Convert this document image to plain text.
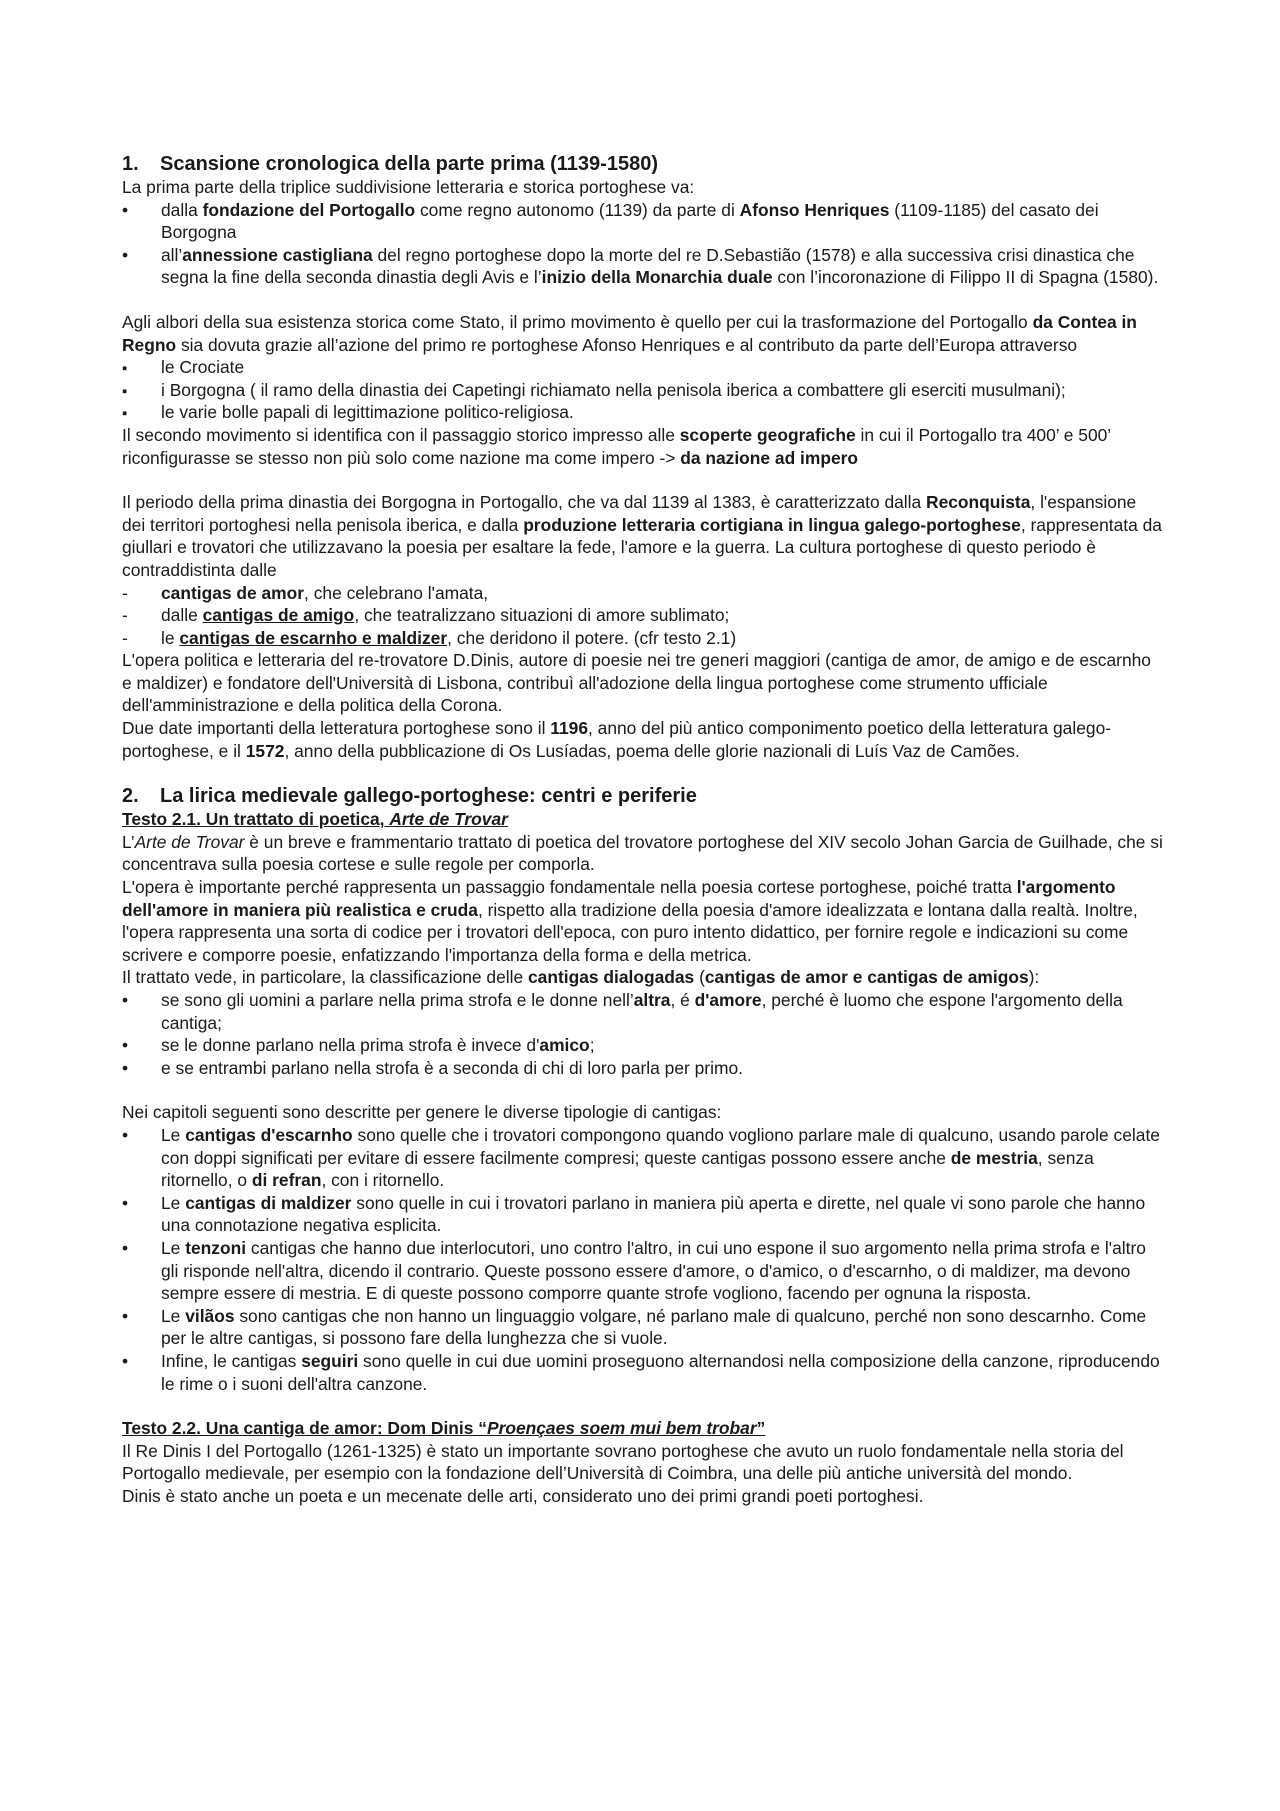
1. Scansione cronologica della parte prima (1139-1580)

La prima parte della triplice suddivisione letteraria e storica portoghese va:

•
dalla fondazione del Portogallo come regno autonomo (1139) da parte di Afonso Henriques (1109-1185) del casato dei Borgogna
•
all’annessione castigliana del regno portoghese dopo la morte del re D.Sebastião (1578) e alla successiva crisi dinastica che segna la fine della seconda dinastia degli Avis e l’inizio della Monarchia duale con l’incoronazione di Filippo II di Spagna (1580).

Agli albori della sua esistenza storica come Stato, il primo movimento è quello per cui la trasformazione del Portogallo da Contea in Regno sia dovuta grazie all’azione del primo re portoghese Afonso Henriques e al contributo da parte dell’Europa attraverso

▪
le Crociate
▪
i Borgogna ( il ramo della dinastia dei Capetingi richiamato nella penisola iberica a combattere gli eserciti musulmani);
▪
le varie bolle papali di legittimazione politico-religiosa.

Il secondo movimento si identifica con il passaggio storico impresso alle scoperte geografiche in cui il Portogallo tra 400’ e 500’ riconfigurasse se stesso non più solo come nazione ma come impero -> da nazione ad impero

Il periodo della prima dinastia dei Borgogna in Portogallo, che va dal 1139 al 1383, è caratterizzato dalla Reconquista, l'espansione dei territori portoghesi nella penisola iberica, e dalla produzione letteraria cortigiana in lingua galego-portoghese, rappresentata da giullari e trovatori che utilizzavano la poesia per esaltare la fede, l'amore e la guerra. La cultura portoghese di questo periodo è contraddistinta dalle

-
cantigas de amor, che celebrano l'amata,
-
dalle cantigas de amigo, che teatralizzano situazioni di amore sublimato;
-
le cantigas de escarnho e maldizer, che deridono il potere. (cfr testo 2.1)

L'opera politica e letteraria del re-trovatore D.Dinis, autore di poesie nei tre generi maggiori (cantiga de amor, de amigo e de escarnho e maldizer) e fondatore dell'Università di Lisbona, contribuì all'adozione della lingua portoghese come strumento ufficiale dell'amministrazione e della politica della Corona.

Due date importanti della letteratura portoghese sono il 1196, anno del più antico componimento poetico della letteratura galego-portoghese, e il 1572, anno della pubblicazione di Os Lusíadas, poema delle glorie nazionali di Luís Vaz de Camões.

2. La lirica medievale gallego-portoghese: centri e periferie
Testo 2.1. Un trattato di poetica, Arte de Trovar

L’Arte de Trovar è un breve e frammentario trattato di poetica del trovatore portoghese del XIV secolo Johan Garcia de Guilhade, che si concentrava sulla poesia cortese e sulle regole per comporla.

L'opera è importante perché rappresenta un passaggio fondamentale nella poesia cortese portoghese, poiché tratta l'argomento dell'amore in maniera più realistica e cruda, rispetto alla tradizione della poesia d'amore idealizzata e lontana dalla realtà. Inoltre, l'opera rappresenta una sorta di codice per i trovatori dell'epoca, con puro intento didattico, per fornire regole e indicazioni su come scrivere e comporre poesie, enfatizzando l'importanza della forma e della metrica.

Il trattato vede, in particolare, la classificazione delle cantigas dialogadas (cantigas de amor e cantigas de amigos):

•
se sono gli uomini a parlare nella prima strofa e le donne nell’altra, é d'amore, perché è luomo che espone l'argomento della cantiga;
•
se le donne parlano nella prima strofa è invece d'amico;
•
e se entrambi parlano nella strofa è a seconda di chi di loro parla per primo.

Nei capitoli seguenti sono descritte per genere le diverse tipologie di cantigas:

•
Le cantigas d'escarnho sono quelle che i trovatori compongono quando vogliono parlare male di qualcuno, usando parole celate con doppi significati per evitare di essere facilmente compresi; queste cantigas possono essere anche de mestria, senza ritornello, o di refran, con i ritornello.
•
Le cantigas di maldizer sono quelle in cui i trovatori parlano in maniera più aperta e dirette, nel quale vi sono parole che hanno una connotazione negativa esplicita.
•
Le tenzoni cantigas che hanno due interlocutori, uno contro l'altro, in cui uno espone il suo argomento nella prima strofa e l'altro gli risponde nell'altra, dicendo il contrario. Queste possono essere d'amore, o d'amico, o d'escarnho, o di maldizer, ma devono sempre essere di mestria. E di queste possono comporre quante strofe vogliono, facendo per ognuna la risposta.
•
Le vilãos sono cantigas che non hanno un linguaggio volgare, né parlano male di qualcuno, perché non sono descarnho. Come per le altre cantigas, si possono fare della lunghezza che si vuole.
•
Infine, le cantigas seguiri sono quelle in cui due uomini proseguono alternandosi nella composizione della canzone, riproducendo le rime o i suoni dell'altra canzone.
Testo 2.2. Una cantiga de amor: Dom Dinis “Proençaes soem mui bem trobar”

Il Re Dinis I del Portogallo (1261-1325) è stato un importante sovrano portoghese che avuto un ruolo fondamentale nella storia del Portogallo medievale, per esempio con la fondazione dell’Università di Coimbra, una delle più antiche università del mondo.

Dinis è stato anche un poeta e un mecenate delle arti, considerato uno dei primi grandi poeti portoghesi.
